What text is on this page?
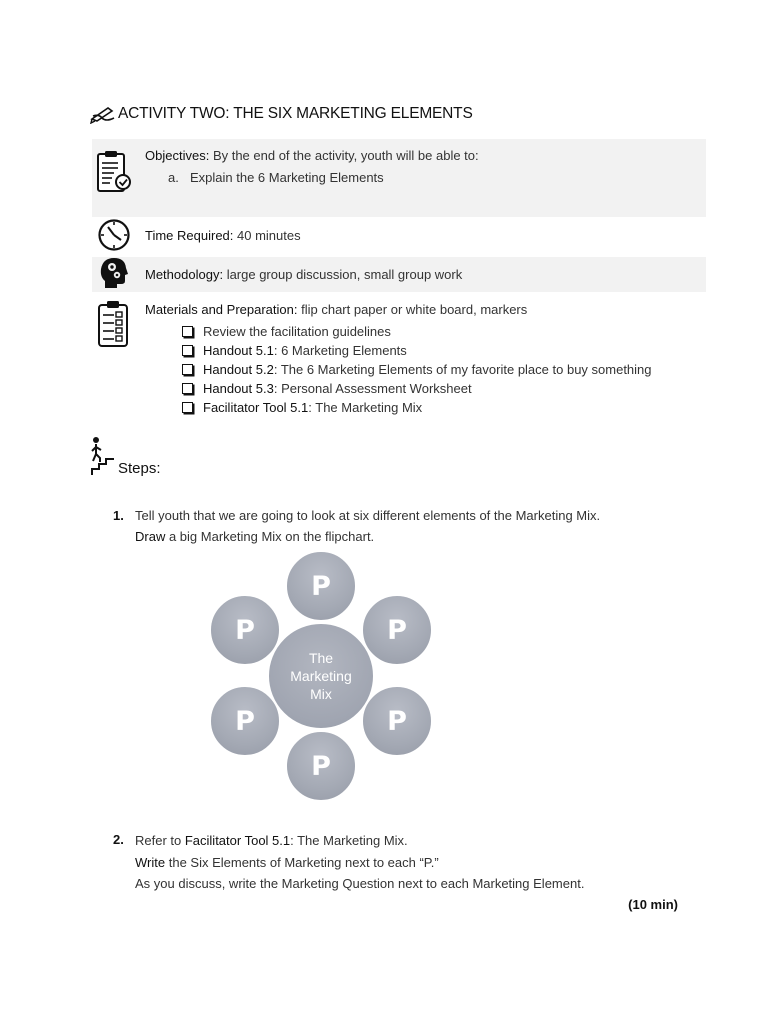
ACTIVITY TWO: THE SIX MARKETING ELEMENTS
Objectives: By the end of the activity, youth will be able to:
a. Explain the 6 Marketing Elements
Time Required: 40 minutes
Methodology: large group discussion, small group work
Materials and Preparation: flip chart paper or white board, markers
Review the facilitation guidelines
Handout 5.1: 6 Marketing Elements
Handout 5.2: The 6 Marketing Elements of my favorite place to buy something
Handout 5.3: Personal Assessment Worksheet
Facilitator Tool 5.1: The Marketing Mix
Steps:
1. Tell youth that we are going to look at six different elements of the Marketing Mix.
Draw a big Marketing Mix on the flipchart.
The
Marketing
Mix
P
P	P
P	P
P
2. Refer to Facilitator Tool 5.1: The Marketing Mix.
Write the Six Elements of Marketing next to each “P.”
As you discuss, write the Marketing Question next to each Marketing Element.
(10 min)
